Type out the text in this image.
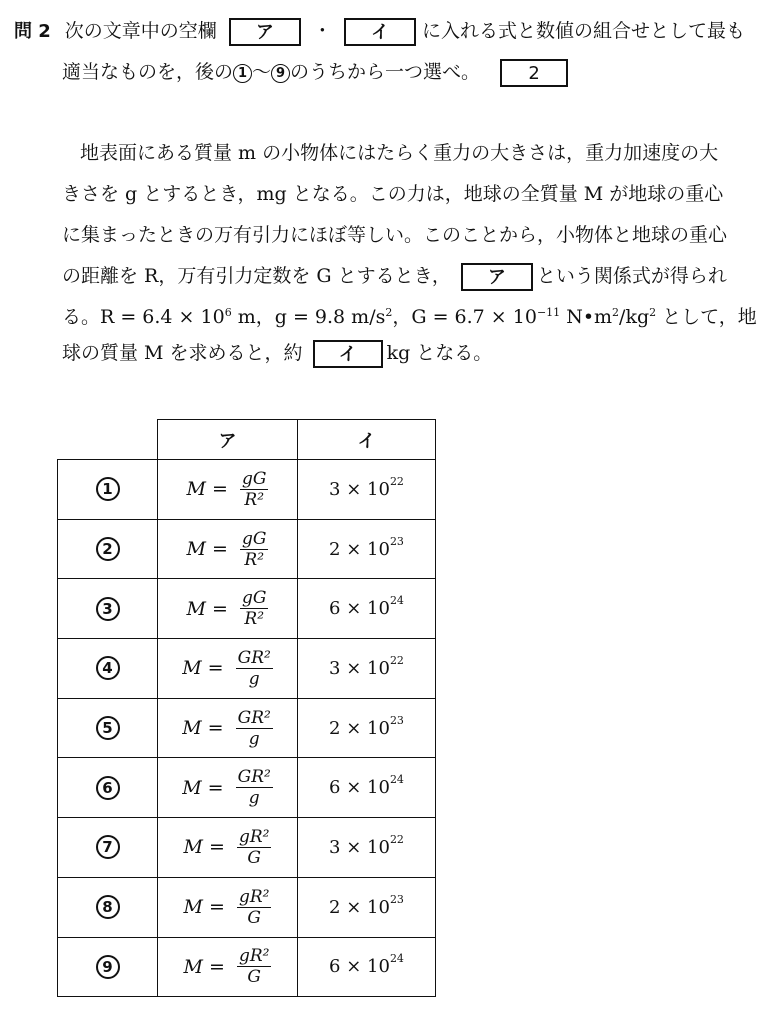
問 2 次の文章中の空欄 ア ・ イ に入れる式と数値の組合せとして最も
適当なものを，後の 1 ～ 9 のうちから一つ選べ。	2
地表面にある質量 m の小物体にはたらく重力の大きさは，重力加速度の大
きさを g とするとき，mg となる。この力は，地球の全質量 M が地球の重心
に集まったときの万有引力にほぼ等しい。このことから，小物体と地球の重心
の距離を R，万有引力定数を G とするとき， ア という関係式が得られ
る。$R = 6.4 \times 10^6$ m，g = 9.8 $m/s^2$，$G = 6.7 \times 10^{-11}$ $N•m^2/kg^2$ として，地
球の質量 M を求めると，約 イ kg となる。
	ア	イ
1	$M = \frac{gG}{\text{R²}}$	$3 \times 10^{22}$
2	$M = \frac{gG}{\text{R²}}$	$2 \times 10^{23}$
3	$M = \frac{gG}{\text{R²}}$	$6 \times 10^{24}$
4	$M = \frac{\text{GR²}}{g}$	$3 \times 10^{22}$
5	$M = \frac{\text{GR²}}{g}$	$2 \times 10^{23}$
6	$M = \frac{\text{GR²}}{g}$	$6 \times 10^{24}$
7	$M = \frac{\text{gR²}}{G}$	$3 \times 10^{22}$
8	$M = \frac{\text{gR²}}{G}$	$2 \times 10^{23}$
9	$M = \frac{\text{gR²}}{G}$	$6 \times 10^{24}$
